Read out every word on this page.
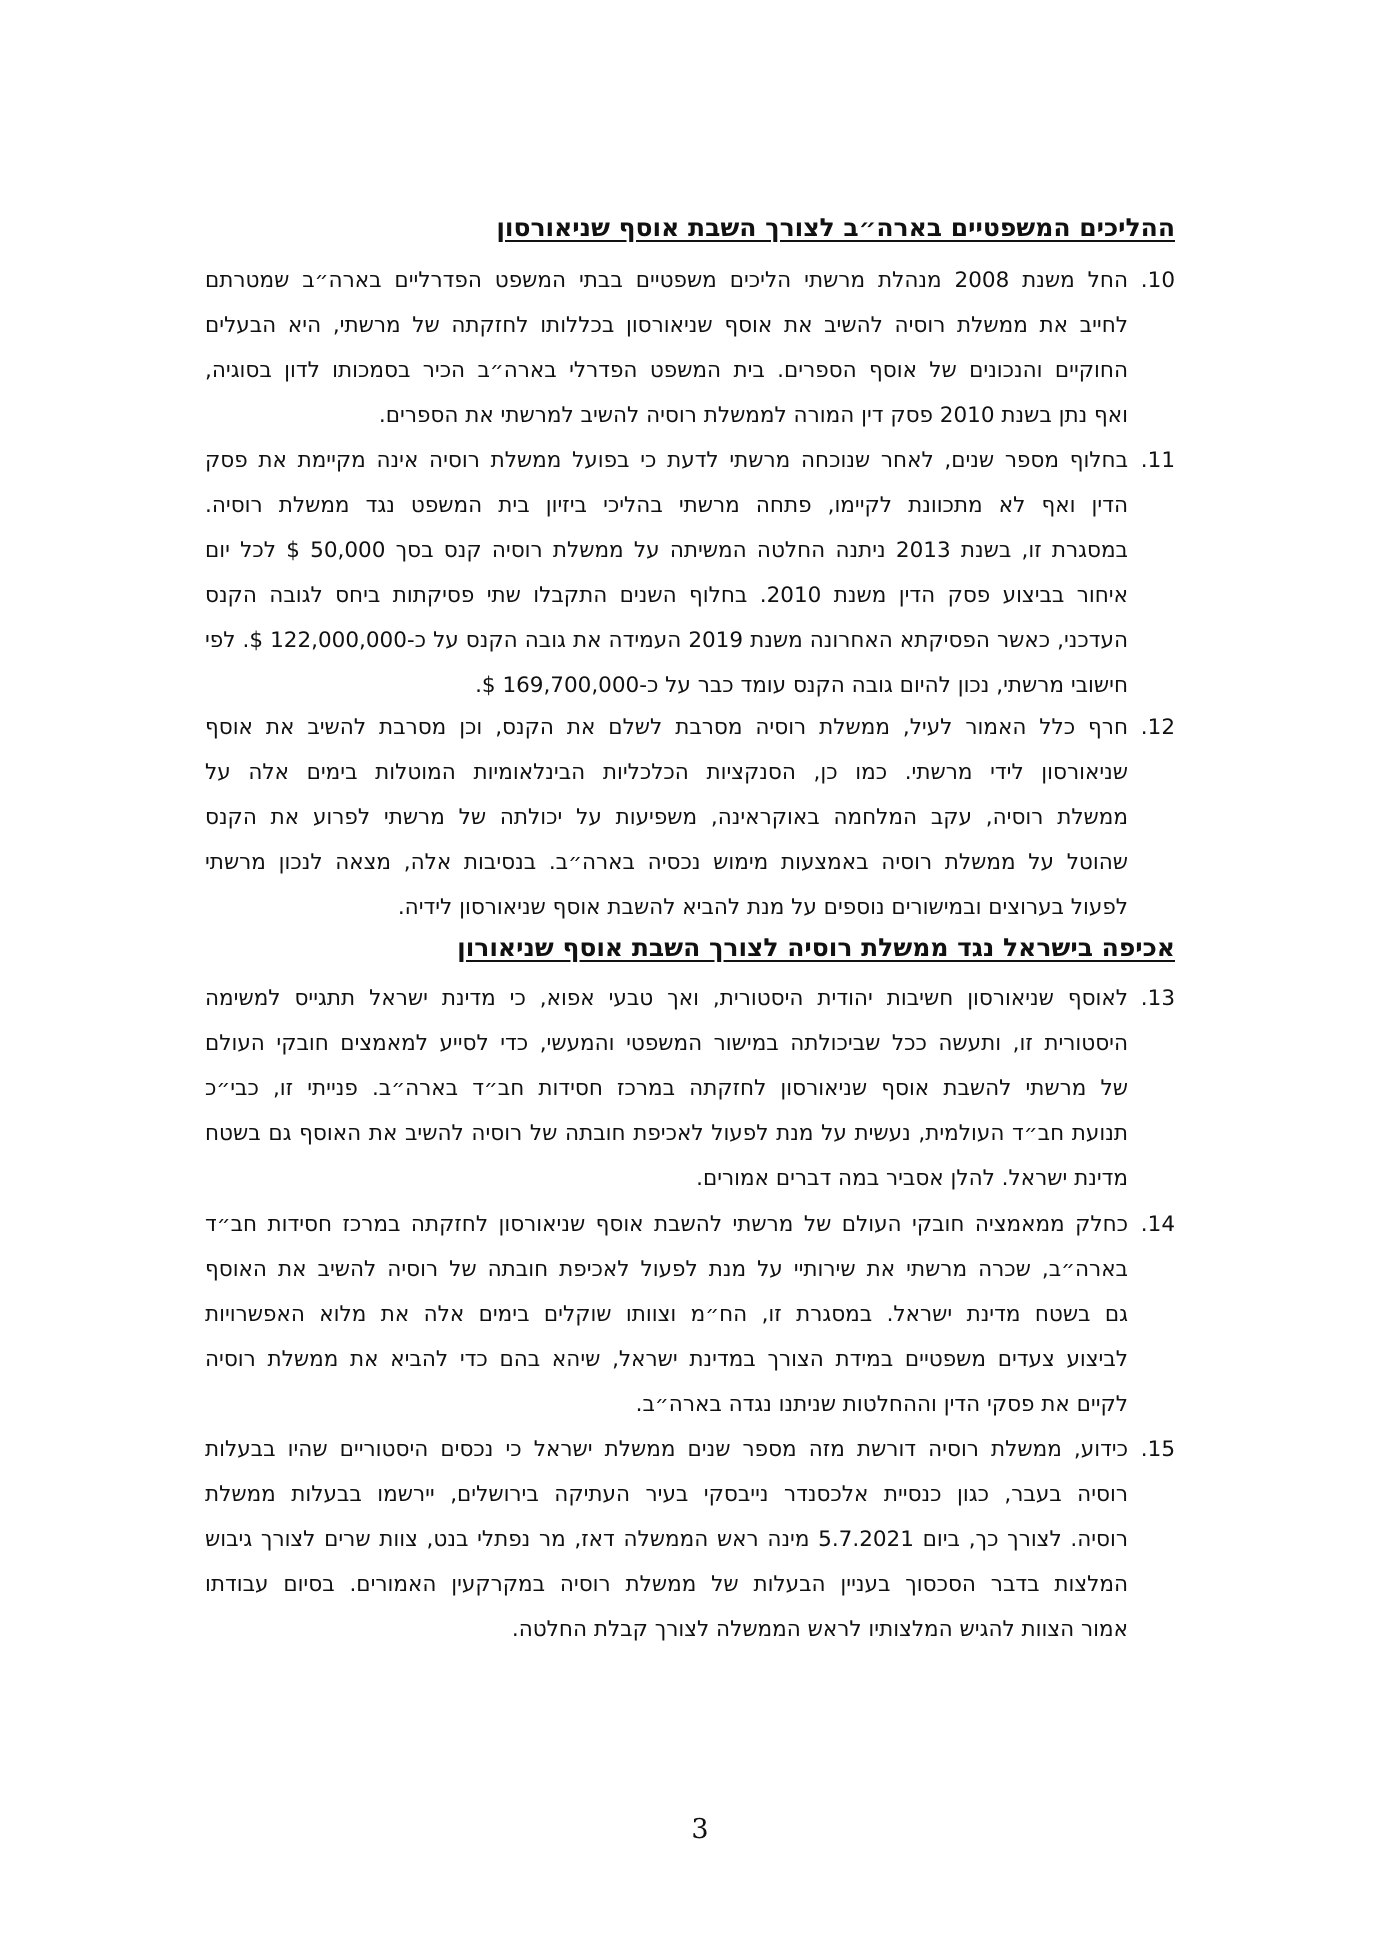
ההליכים המשפטיים בארה״ב לצורך השבת אוסף שניאורסון
10.
החל משנת 2008 מנהלת מרשתי הליכים משפטיים בבתי המשפט הפדרליים בארה״ב שמטרתם
לחייב את ממשלת רוסיה להשיב את אוסף שניאורסון בכללותו לחזקתה של מרשתי, היא הבעלים
החוקיים והנכונים של אוסף הספרים. בית המשפט הפדרלי בארה״ב הכיר בסמכותו לדון בסוגיה,
ואף נתן בשנת 2010 פסק דין המורה לממשלת רוסיה להשיב למרשתי את הספרים.
11.
בחלוף מספר שנים, לאחר שנוכחה מרשתי לדעת כי בפועל ממשלת רוסיה אינה מקיימת את פסק
הדין ואף לא מתכוונת לקיימו, פתחה מרשתי בהליכי ביזיון בית המשפט נגד ממשלת רוסיה.
במסגרת זו, בשנת 2013 ניתנה החלטה המשיתה על ממשלת רוסיה קנס בסך 50,000 $ לכל יום
איחור בביצוע פסק הדין משנת 2010. בחלוף השנים התקבלו שתי פסיקתות ביחס לגובה הקנס
העדכני, כאשר הפסיקתא האחרונה משנת 2019 העמידה את גובה הקנס על כ-122,000,000 $. לפי
חישובי מרשתי, נכון להיום גובה הקנס עומד כבר על כ-169,700,000 $.
12.
חרף כלל האמור לעיל, ממשלת רוסיה מסרבת לשלם את הקנס, וכן מסרבת להשיב את אוסף
שניאורסון לידי מרשתי. כמו כן, הסנקציות הכלכליות הבינלאומיות המוטלות בימים אלה על
ממשלת רוסיה, עקב המלחמה באוקראינה, משפיעות על יכולתה של מרשתי לפרוע את הקנס
שהוטל על ממשלת רוסיה באמצעות מימוש נכסיה בארה״ב. בנסיבות אלה, מצאה לנכון מרשתי
לפעול בערוצים ובמישורים נוספים על מנת להביא להשבת אוסף שניאורסון לידיה.
אכיפה בישראל נגד ממשלת רוסיה לצורך השבת אוסף שניאורון
13.
לאוסף שניאורסון חשיבות יהודית היסטורית, ואך טבעי אפוא, כי מדינת ישראל תתגייס למשימה
היסטורית זו, ותעשה ככל שביכולתה במישור המשפטי והמעשי, כדי לסייע למאמצים חובקי העולם
של מרשתי להשבת אוסף שניאורסון לחזקתה במרכז חסידות חב״ד בארה״ב. פנייתי זו, כבי״כ
תנועת חב״ד העולמית, נעשית על מנת לפעול לאכיפת חובתה של רוסיה להשיב את האוסף גם בשטח
מדינת ישראל. להלן אסביר במה דברים אמורים.
14.
כחלק ממאמציה חובקי העולם של מרשתי להשבת אוסף שניאורסון לחזקתה במרכז חסידות חב״ד
בארה״ב, שכרה מרשתי את שירותיי על מנת לפעול לאכיפת חובתה של רוסיה להשיב את האוסף
גם בשטח מדינת ישראל. במסגרת זו, הח״מ וצוותו שוקלים בימים אלה את מלוא האפשרויות
לביצוע צעדים משפטיים במידת הצורך במדינת ישראל, שיהא בהם כדי להביא את ממשלת רוסיה
לקיים את פסקי הדין וההחלטות שניתנו נגדה בארה״ב.
15.
כידוע, ממשלת רוסיה דורשת מזה מספר שנים ממשלת ישראל כי נכסים היסטוריים שהיו בבעלות
רוסיה בעבר, כגון כנסיית אלכסנדר נייבסקי בעיר העתיקה בירושלים, יירשמו בבעלות ממשלת
רוסיה. לצורך כך, ביום 5.7.2021 מינה ראש הממשלה דאז, מר נפתלי בנט, צוות שרים לצורך גיבוש
המלצות בדבר הסכסוך בעניין הבעלות של ממשלת רוסיה במקרקעין האמורים. בסיום עבודתו
אמור הצוות להגיש המלצותיו לראש הממשלה לצורך קבלת החלטה.
3
